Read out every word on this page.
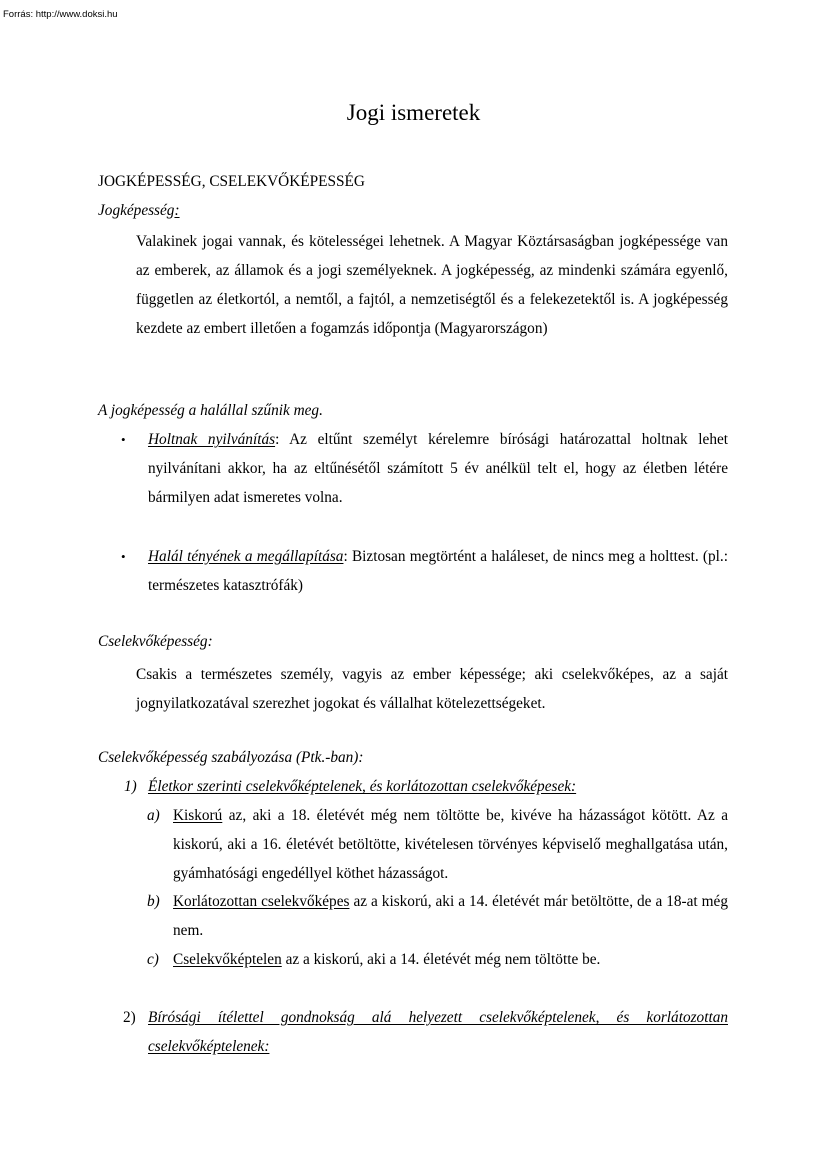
Forrás: http://www.doksi.hu
Jogi ismeretek
JOGKÉPESSÉG, CSELEKVŐKÉPESSÉG
Jogképesség:

Valakinek jogai vannak, és kötelességei lehetnek. A Magyar Köztársaságban jogképessége van az emberek, az államok és a jogi személyeknek. A jogképesség, az mindenki számára egyenlő, független az életkortól, a nemtől, a fajtól, a nemzetiségtől és a felekezetektől is. A jogképesség kezdete az embert illetően a fogamzás időpontja (Magyarországon)

A jogképesség a halállal szűnik meg.
• Holtnak nyilvánítás: Az eltűnt személyt kérelemre bírósági határozattal holtnak lehet nyilvánítani akkor, ha az eltűnésétől számított 5 év anélkül telt el, hogy az életben létére bármilyen adat ismeretes volna.

• Halál tényének a megállapítása: Biztosan megtörtént a haláleset, de nincs meg a holttest. (pl.: természetes katasztrófák)

Cselekvőképesség:

Csakis a természetes személy, vagyis az ember képessége; aki cselekvőképes, az a saját jognyilatkozatával szerezhet jogokat és vállalhat kötelezettségeket.

Cselekvőképesség szabályozása (Ptk.-ban):
1) Életkor szerinti cselekvőképtelenek, és korlátozottan cselekvőképesek:

a) Kiskorú az, aki a 18. életévét még nem töltötte be, kivéve ha házasságot kötött. Az a kiskorú, aki a 16. életévét betöltötte, kivételesen törvényes képviselő meghallgatása után, gyámhatósági engedéllyel köthet házasságot.

b) Korlátozottan cselekvőképes az a kiskorú, aki a 14. életévét már betöltötte, de a 18-at még nem.

c) Cselekvőképtelen az a kiskorú, aki a 14. életévét még nem töltötte be.

2) Bírósági ítélettel gondnokság alá helyezett cselekvőképtelenek, és korlátozottan cselekvőképtelenek:
